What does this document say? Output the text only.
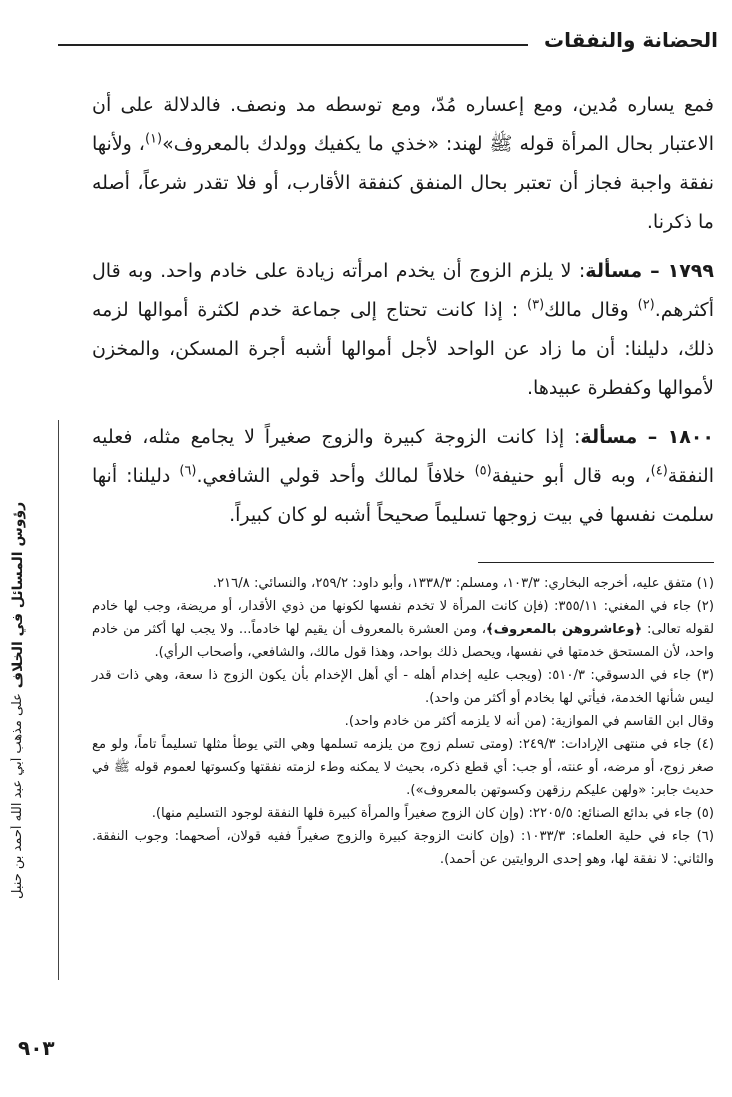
الحضانة والنفقات
رؤوس المسائل في الخلاف على مذهب أبي عبد الله أحمد بن حنبل

فمع يساره مُدين، ومع إعساره مُدّ، ومع توسطه مد ونصف. فالدلالة على أن الاعتبار بحال المرأة قوله ﷺ لهند: «خذي ما يكفيك وولدك بالمعروف»$^{(١)}$، ولأنها نفقة واجبة فجاز أن تعتبر بحال المنفق كنفقة الأقارب، أو فلا تقدر شرعاً، أصله ما ذكرنا.

١٧٩٩ – مسألة: لا يلزم الزوج أن يخدم امرأته زيادة على خادم واحد. وبه قال أكثرهم.$^{(٢)}$ وقال مالك$^{(٣)}$ : إذا كانت تحتاج إلى جماعة خدم لكثرة أموالها لزمه ذلك، دليلنا: أن ما زاد عن الواحد لأجل أموالها أشبه أجرة المسكن، والمخزن لأموالها وكفطرة عبيدها.

١٨٠٠ – مسألة: إذا كانت الزوجة كبيرة والزوج صغيراً لا يجامع مثله، فعليه النفقة$^{(٤)}$، وبه قال أبو حنيفة$^{(٥)}$ خلافاً لمالك وأحد قولي الشافعي.$^{(٦)}$ دليلنا: أنها سلمت نفسها في بيت زوجها تسليماً صحيحاً أشبه لو كان كبيراً.

(١) متفق عليه، أخرجه البخاري: ١٠٣/٣، ومسلم: ١٣٣٨/٣، وأبو داود: ٢٥٩/٢، والنسائي: ٢١٦/٨.

(٢) جاء في المغني: ٣٥٥/١١: (فإن كانت المرأة لا تخدم نفسها لكونها من ذوي الأقدار، أو مريضة، وجب لها خادم لقوله تعالى: ﴿وعاشروهن بالمعروف﴾، ومن العشرة بالمعروف أن يقيم لها خادماً... ولا يجب لها أكثر من خادم واحد، لأن المستحق خدمتها في نفسها، ويحصل ذلك بواحد، وهذا قول مالك، والشافعي، وأصحاب الرأي).

(٣) جاء في الدسوقي: ٥١٠/٣: (ويجب عليه إخدام أهله - أي أهل الإخدام بأن يكون الزوج ذا سعة، وهي ذات قدر ليس شأنها الخدمة، فيأتي لها بخادم أو أكثر من واحد).

وقال ابن القاسم في الموازية: (من أنه لا يلزمه أكثر من خادم واحد).

(٤) جاء في منتهى الإرادات: ٢٤٩/٣: (ومتى تسلم زوج من يلزمه تسلمها وهي التي يوطأ مثلها تسليماً تاماً، ولو مع صغر زوج، أو مرضه، أو عنته، أو جب: أي قطع ذكره، بحيث لا يمكنه وطء لزمته نفقتها وكسوتها لعموم قوله ﷺ في حديث جابر: «ولهن عليكم رزقهن وكسوتهن بالمعروف»).

(٥) جاء في بدائع الصنائع: ٢٢٠٥/٥: (وإن كان الزوج صغيراً والمرأة كبيرة فلها النفقة لوجود التسليم منها).

(٦) جاء في حلية العلماء: ١٠٣٣/٣: (وإن كانت الزوجة كبيرة والزوج صغيراً ففيه قولان، أصحهما: وجوب النفقة. والثاني: لا نفقة لها، وهو إحدى الروايتين عن أحمد).

٩٠٣
